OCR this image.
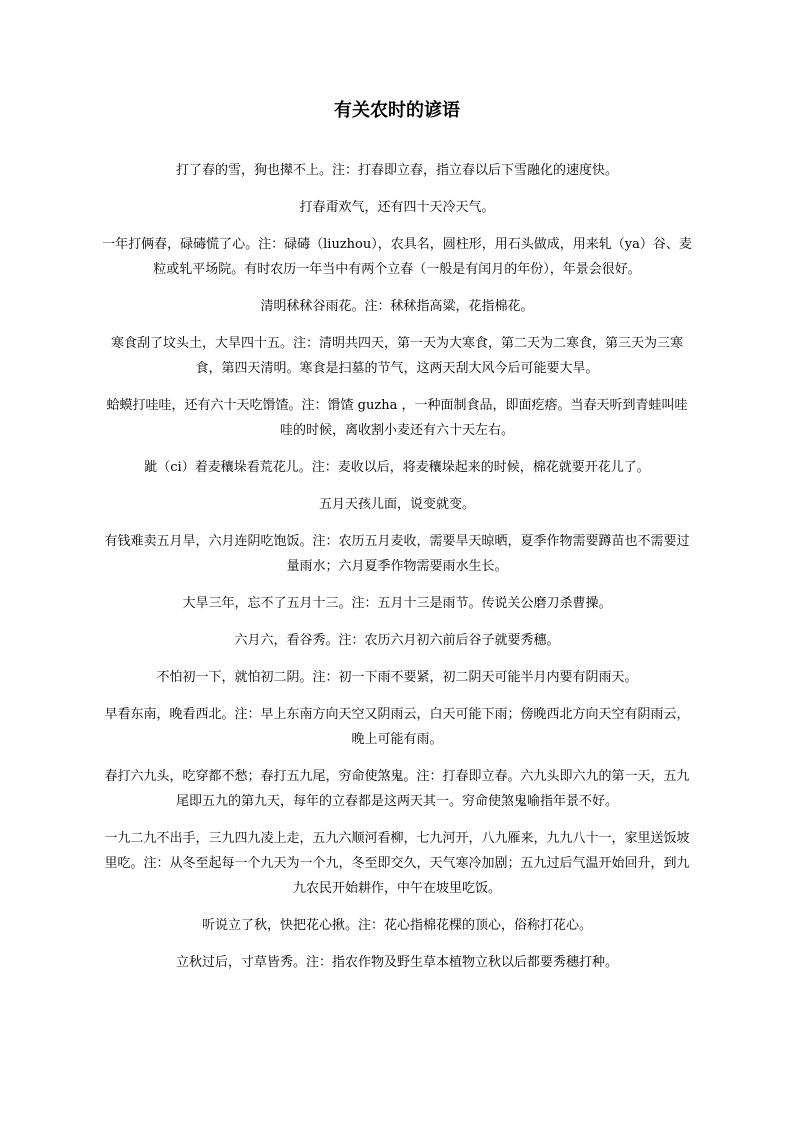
有关农时的谚语

打了春的雪，狗也撵不上。注：打春即立春，指立春以后下雪融化的速度快。

打春甭欢气，还有四十天冷天气。

一年打俩春，碌碡慌了心。注：碌碡（liuzhou），农具名，圆柱形，用石头做成，用来轧（ya）谷、麦粒或轧平场院。有时农历一年当中有两个立春（一般是有闰月的年份），年景会很好。

清明秫秫谷雨花。注：秫秫指高粱，花指棉花。

寒食刮了坟头土，大旱四十五。注：清明共四天，第一天为大寒食，第二天为二寒食，第三天为三寒食，第四天清明。寒食是扫墓的节气，这两天刮大风今后可能要大旱。

蛤蟆打哇哇，还有六十天吃馉馇。注：馉馇 guzha ，一种面制食品，即面疙瘩。当春天听到青蛙叫哇哇的时候，离收割小麦还有六十天左右。

跐（ci）着麦穰垛看荒花儿。注：麦收以后，将麦穰垛起来的时候，棉花就要开花儿了。

五月天孩儿面，说变就变。

有钱难卖五月旱，六月连阴吃饱饭。注：农历五月麦收，需要旱天晾晒，夏季作物需要蹲苗也不需要过量雨水；六月夏季作物需要雨水生长。

大旱三年，忘不了五月十三。注：五月十三是雨节。传说关公磨刀杀曹操。

六月六，看谷秀。注：农历六月初六前后谷子就要秀穗。

不怕初一下，就怕初二阴。注：初一下雨不要紧，初二阴天可能半月内要有阴雨天。

早看东南，晚看西北。注：早上东南方向天空又阴雨云，白天可能下雨；傍晚西北方向天空有阴雨云，晚上可能有雨。

春打六九头，吃穿都不愁；春打五九尾，穷命使煞鬼。注：打春即立春。六九头即六九的第一天，五九尾即五九的第九天，每年的立春都是这两天其一。穷命使煞鬼喻指年景不好。

一九二九不出手，三九四九凌上走，五九六顺河看柳，七九河开，八九雁来，九九八十一，家里送饭坡里吃。注：从冬至起每一个九天为一个九，冬至即交久，天气寒冷加剧；五九过后气温开始回升，到九九农民开始耕作，中午在坡里吃饭。

听说立了秋，快把花心揪。注：花心指棉花棵的顶心，俗称打花心。

立秋过后，寸草皆秀。注：指农作物及野生草本植物立秋以后都要秀穗打种。
